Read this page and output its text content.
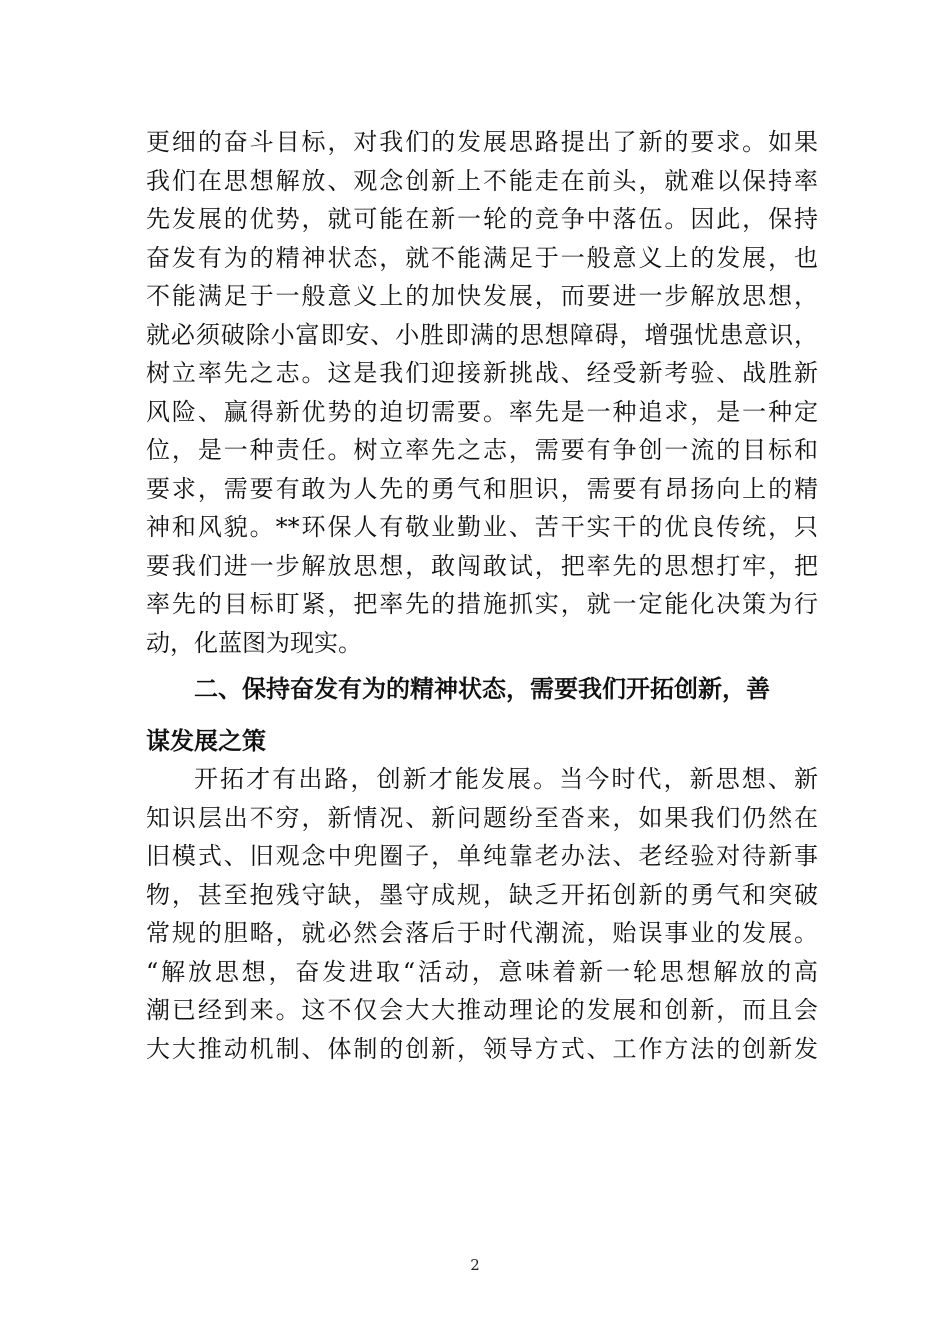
更细的奋斗目标，对我们的发展思路提出了新的要求。如果
我们在思想解放、观念创新上不能走在前头，就难以保持率
先发展的优势，就可能在新一轮的竞争中落伍。因此，保持
奋发有为的精神状态，就不能满足于一般意义上的发展，也
不能满足于一般意义上的加快发展，而要进一步解放思想，
就必须破除小富即安、小胜即满的思想障碍，增强忧患意识，
树立率先之志。这是我们迎接新挑战、经受新考验、战胜新
风险、赢得新优势的迫切需要。率先是一种追求，是一种定
位，是一种责任。树立率先之志，需要有争创一流的目标和
要求，需要有敢为人先的勇气和胆识，需要有昂扬向上的精
神和风貌。**环保人有敬业勤业、苦干实干的优良传统，只
要我们进一步解放思想，敢闯敢试，把率先的思想打牢，把
率先的目标盯紧，把率先的措施抓实，就一定能化决策为行
动，化蓝图为现实。
二、保持奋发有为的精神状态，需要我们开拓创新，善
谋发展之策
开拓才有出路，创新才能发展。当今时代，新思想、新
知识层出不穷，新情况、新问题纷至沓来，如果我们仍然在
旧模式、旧观念中兜圈子，单纯靠老办法、老经验对待新事
物，甚至抱残守缺，墨守成规，缺乏开拓创新的勇气和突破
常规的胆略，就必然会落后于时代潮流，贻误事业的发展。
“解放思想，奋发进取“活动，意味着新一轮思想解放的高
潮已经到来。这不仅会大大推动理论的发展和创新，而且会
大大推动机制、体制的创新，领导方式、工作方法的创新发
2
